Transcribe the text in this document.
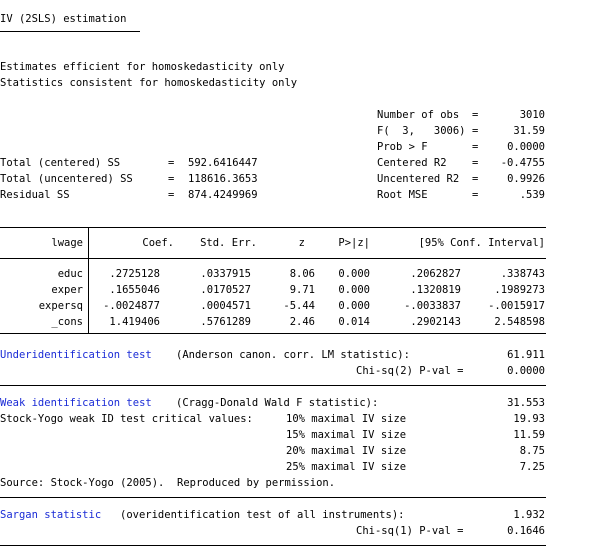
IV (2SLS) estimation
Estimates efficient for homoskedasticity only
Statistics consistent for homoskedasticity only
Number of obs =	3010
F(  3,   3006) =	31.59
Prob > F	=	0.0000
Centered R2 =	-0.4755
Uncentered R2 =	0.9926
Root MSE	=	.539
Total (centered) SS	= 592.6416447
Total (uncentered) SS	= 118616.3653
Residual SS	= 874.4249969
lwage	Coef.	Std. Err.	z	P>|z|	[95% Conf. Interval]
educ	.2725128	.0337915	8.06	0.000	.2062827	.338743
exper	.1655046	.0170527	9.71	0.000	.1320819	.1989273
expersq	-.0024877	.0004571	-5.44	0.000	-.0033837	-.0015917
_cons	1.419406	.5761289	2.46	0.014	.2902143	2.548598
Underidentification test (Anderson canon. corr. LM statistic):	61.911
Chi-sq(2) P-val =	0.0000
Weak identification test (Cragg-Donald Wald F statistic):	31.553
Stock-Yogo weak ID test critical values:	10% maximal IV size	19.93
15% maximal IV size	11.59
20% maximal IV size	8.75
25% maximal IV size	7.25
Source: Stock-Yogo (2005).  Reproduced by permission.
Sargan statistic (overidentification test of all instruments):	1.932
Chi-sq(1) P-val =	0.1646
